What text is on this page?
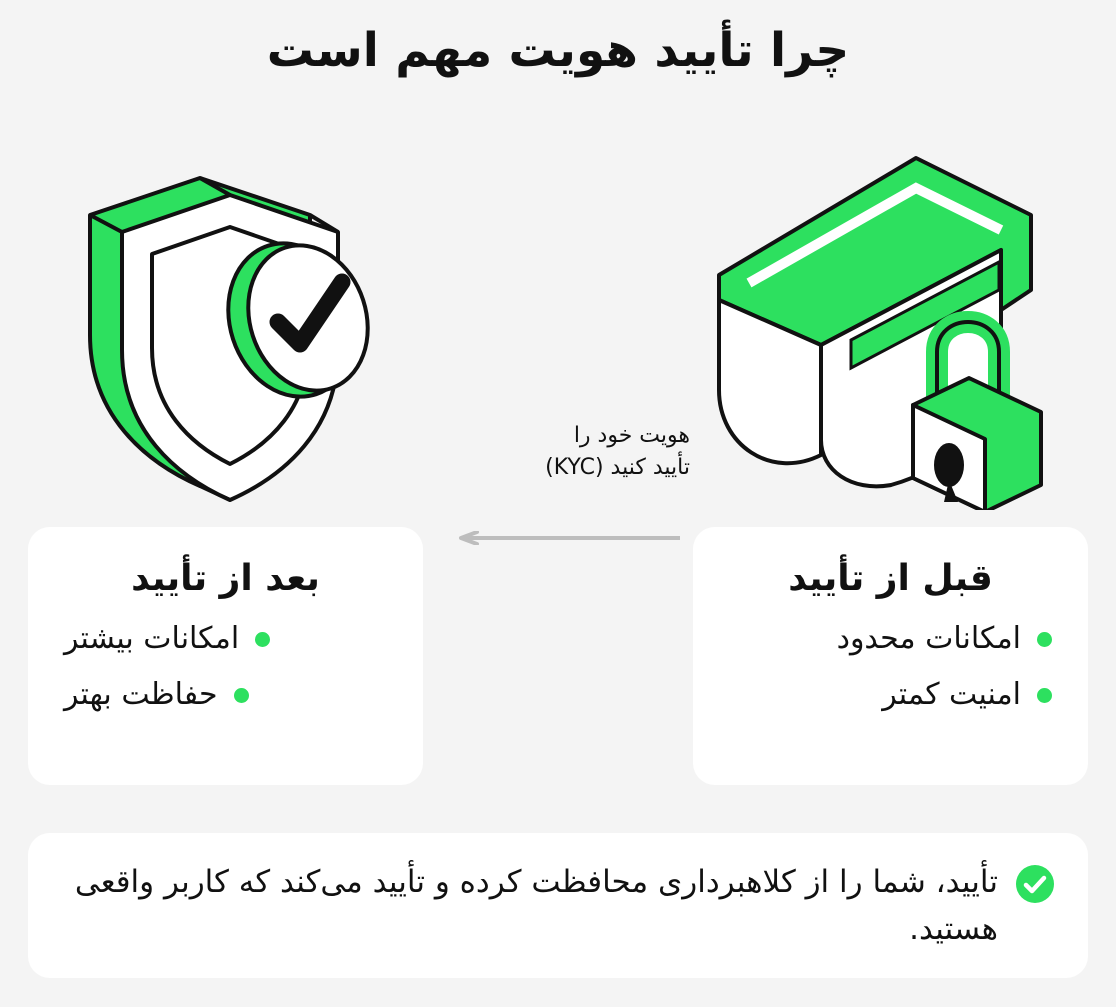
چرا تأیید هویت مهم است
هویت خود را
تأیید کنید (KYC)
قبل از تأیید
امکانات محدود
امنیت کمتر
بعد از تأیید
امکانات بیشتر
حفاظت بهتر
تأیید، شما را از کلاهبرداری محافظت کرده و تأیید می‌کند که کاربر واقعی هستید.
